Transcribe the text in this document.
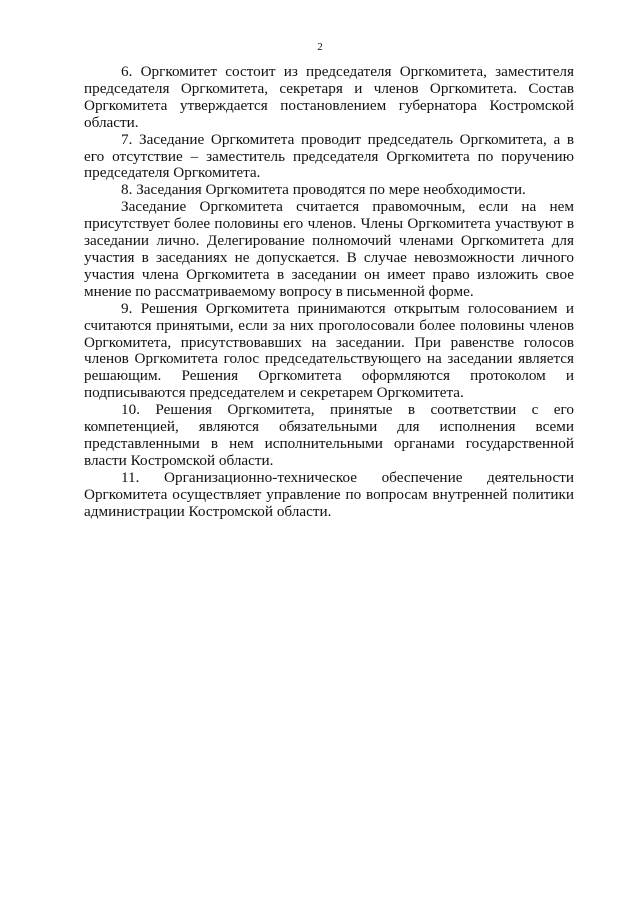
2

6. Оргкомитет состоит из председателя Оргкомитета, заместителя председателя Оргкомитета, секретаря и членов Оргкомитета. Состав Оргкомитета утверждается постановлением губернатора Костромской области.

7. Заседание Оргкомитета проводит председатель Оргкомитета, а в его отсутствие – заместитель председателя Оргкомитета по поручению председателя Оргкомитета.

8. Заседания Оргкомитета проводятся по мере необходимости.

Заседание Оргкомитета считается правомочным, если на нем присутствует более половины его членов. Члены Оргкомитета участвуют в заседании лично. Делегирование полномочий членами Оргкомитета для участия в заседаниях не допускается. В случае невозможности личного участия члена Оргкомитета в заседании он имеет право изложить свое мнение по рассматриваемому вопросу в письменной форме.

9. Решения Оргкомитета принимаются открытым голосованием и считаются принятыми, если за них проголосовали более половины членов Оргкомитета, присутствовавших на заседании. При равенстве голосов членов Оргкомитета голос председательствующего на заседании является решающим. Решения Оргкомитета оформляются протоколом и подписываются председателем и секретарем Оргкомитета.

10. Решения Оргкомитета, принятые в соответствии с его компетенцией, являются обязательными для исполнения всеми представленными в нем исполнительными органами государственной власти Костромской области.

11. Организационно-техническое обеспечение деятельности Оргкомитета осуществляет управление по вопросам внутренней политики администрации Костромской области.
